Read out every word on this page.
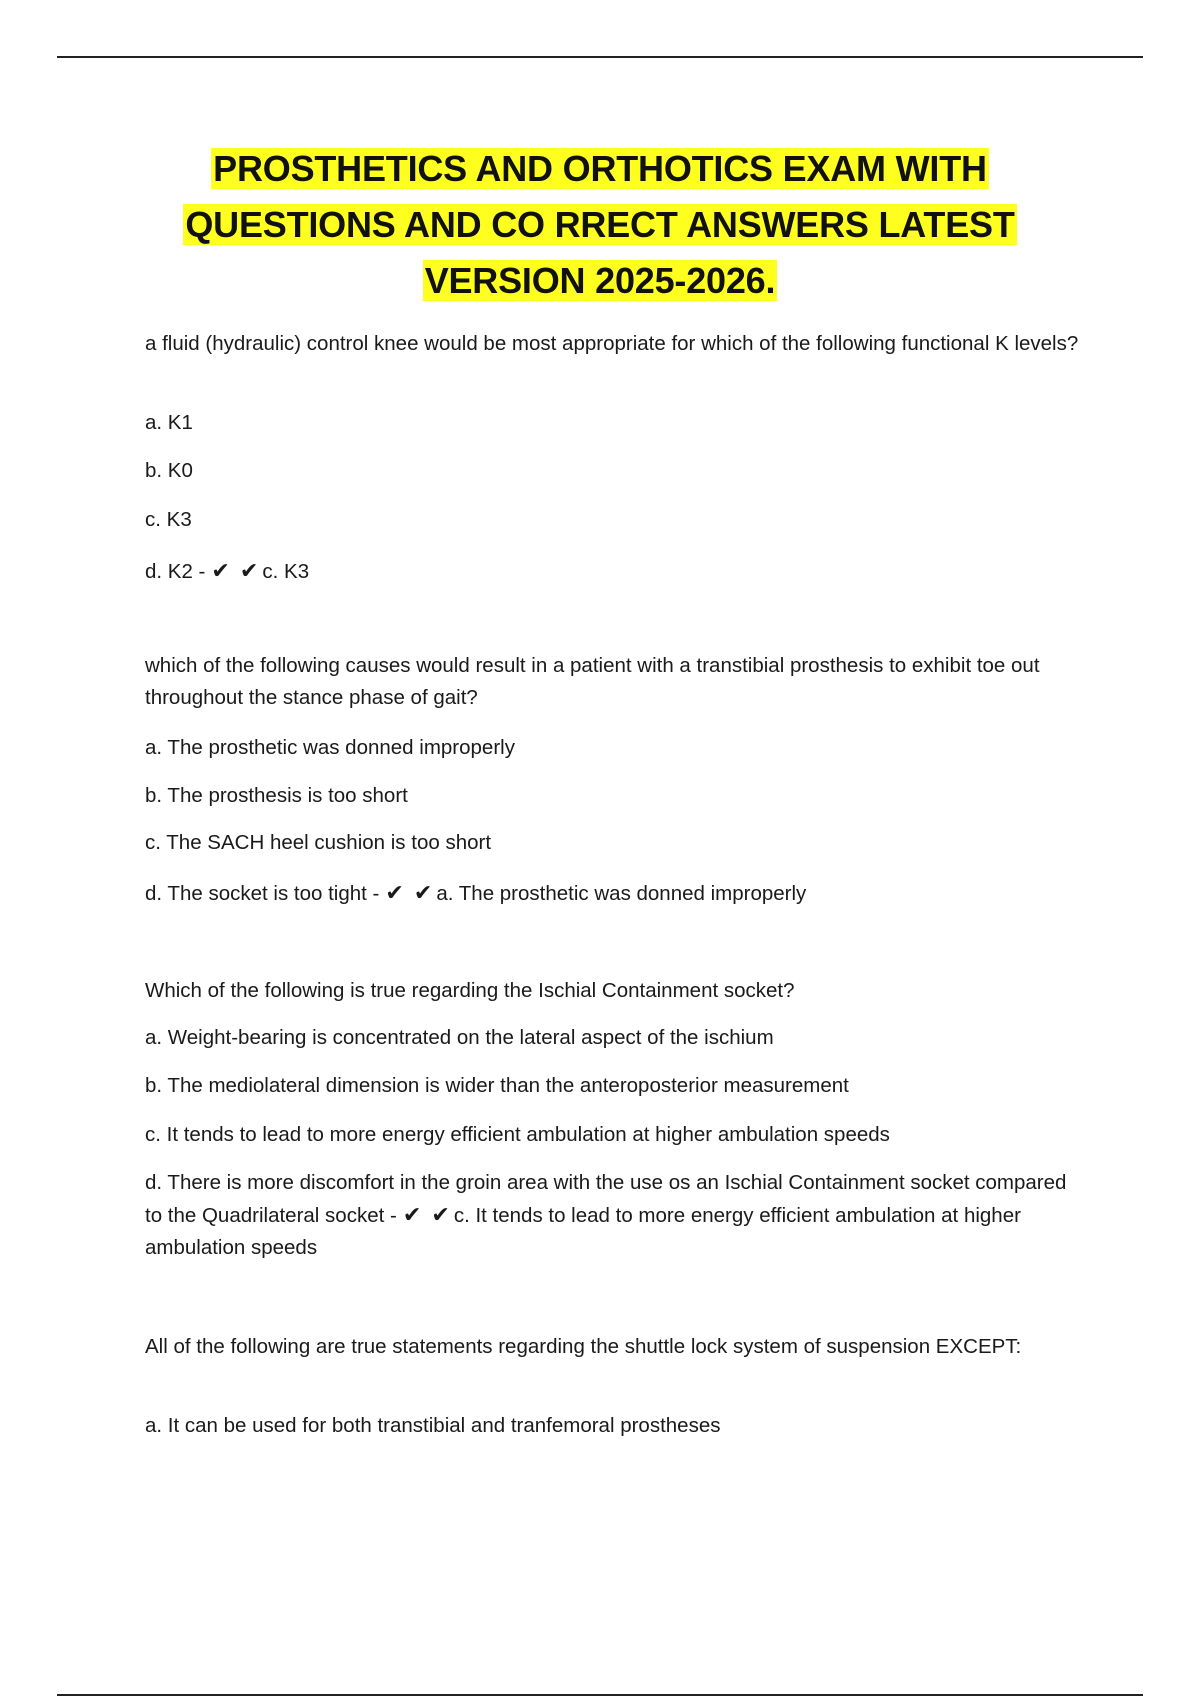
PROSTHETICS AND ORTHOTICS EXAM WITH
QUESTIONS AND CO RRECT ANSWERS LATEST
VERSION 2025-2026.

a fluid (hydraulic) control knee would be most appropriate for which of the following functional K levels?

a. K1

b. K0

c. K3

d. K2 - ✔ ✔c. K3

which of the following causes would result in a patient with a transtibial prosthesis to exhibit toe out throughout the stance phase of gait?

a. The prosthetic was donned improperly

b. The prosthesis is too short

c. The SACH heel cushion is too short

d. The socket is too tight - ✔ ✔a. The prosthetic was donned improperly

Which of the following is true regarding the Ischial Containment socket?

a. Weight-bearing is concentrated on the lateral aspect of the ischium

b. The mediolateral dimension is wider than the anteroposterior measurement

c. It tends to lead to more energy efficient ambulation at higher ambulation speeds

d. There is more discomfort in the groin area with the use os an Ischial Containment socket compared to the Quadrilateral socket - ✔ ✔c. It tends to lead to more energy efficient ambulation at higher ambulation speeds

All of the following are true statements regarding the shuttle lock system of suspension EXCEPT:

a. It can be used for both transtibial and tranfemoral prostheses
